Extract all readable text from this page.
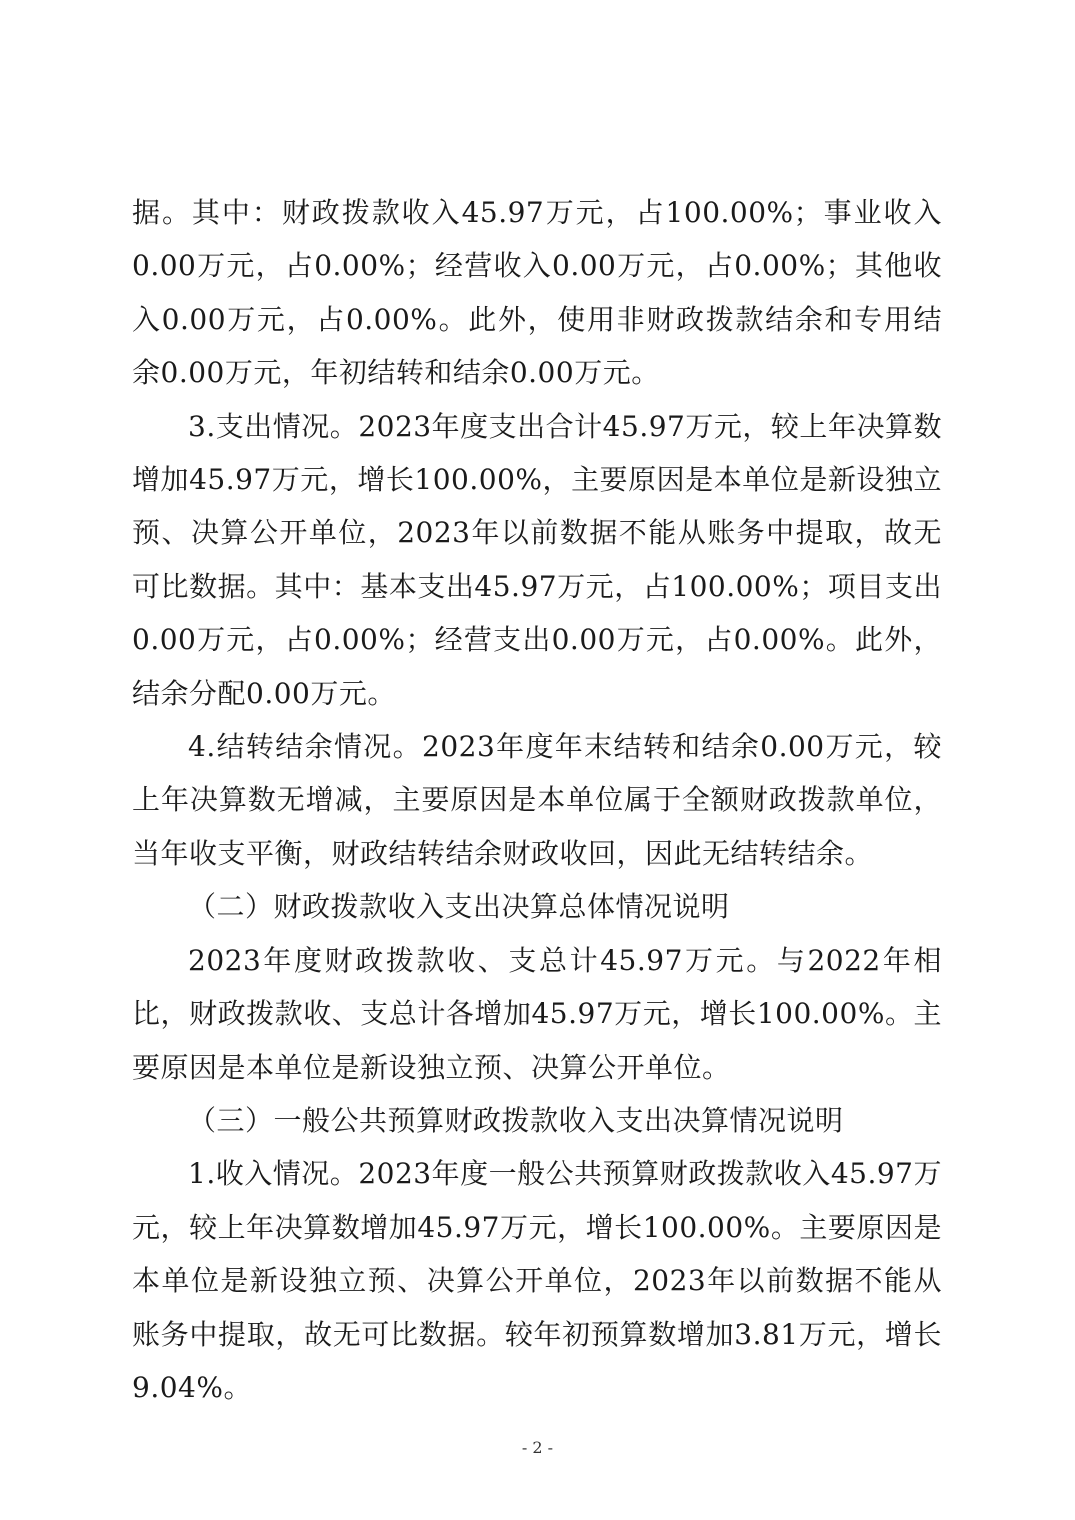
据。其中：财政拨款收入45.97万元，占100.00%；事业收入0.00万元，占0.00%；经营收入0.00万元，占0.00%；其他收入0.00万元，占0.00%。此外，使用非财政拨款结余和专用结余0.00万元，年初结转和结余0.00万元。

3.支出情况。2023年度支出合计45.97万元，较上年决算数增加45.97万元，增长100.00%，主要原因是本单位是新设独立预、决算公开单位，2023年以前数据不能从账务中提取，故无可比数据。其中：基本支出45.97万元，占100.00%；项目支出0.00万元，占0.00%；经营支出0.00万元，占0.00%。此外，结余分配0.00万元。

4.结转结余情况。2023年度年末结转和结余0.00万元，较上年决算数无增减，主要原因是本单位属于全额财政拨款单位，当年收支平衡，财政结转结余财政收回，因此无结转结余。

（二）财政拨款收入支出决算总体情况说明

2023年度财政拨款收、支总计45.97万元。与2022年相比，财政拨款收、支总计各增加45.97万元，增长100.00%。主要原因是本单位是新设独立预、决算公开单位。

（三）一般公共预算财政拨款收入支出决算情况说明

1.收入情况。2023年度一般公共预算财政拨款收入45.97万元，较上年决算数增加45.97万元，增长100.00%。主要原因是本单位是新设独立预、决算公开单位，2023年以前数据不能从账务中提取，故无可比数据。较年初预算数增加3.81万元，增长9.04%。

- 2 -
